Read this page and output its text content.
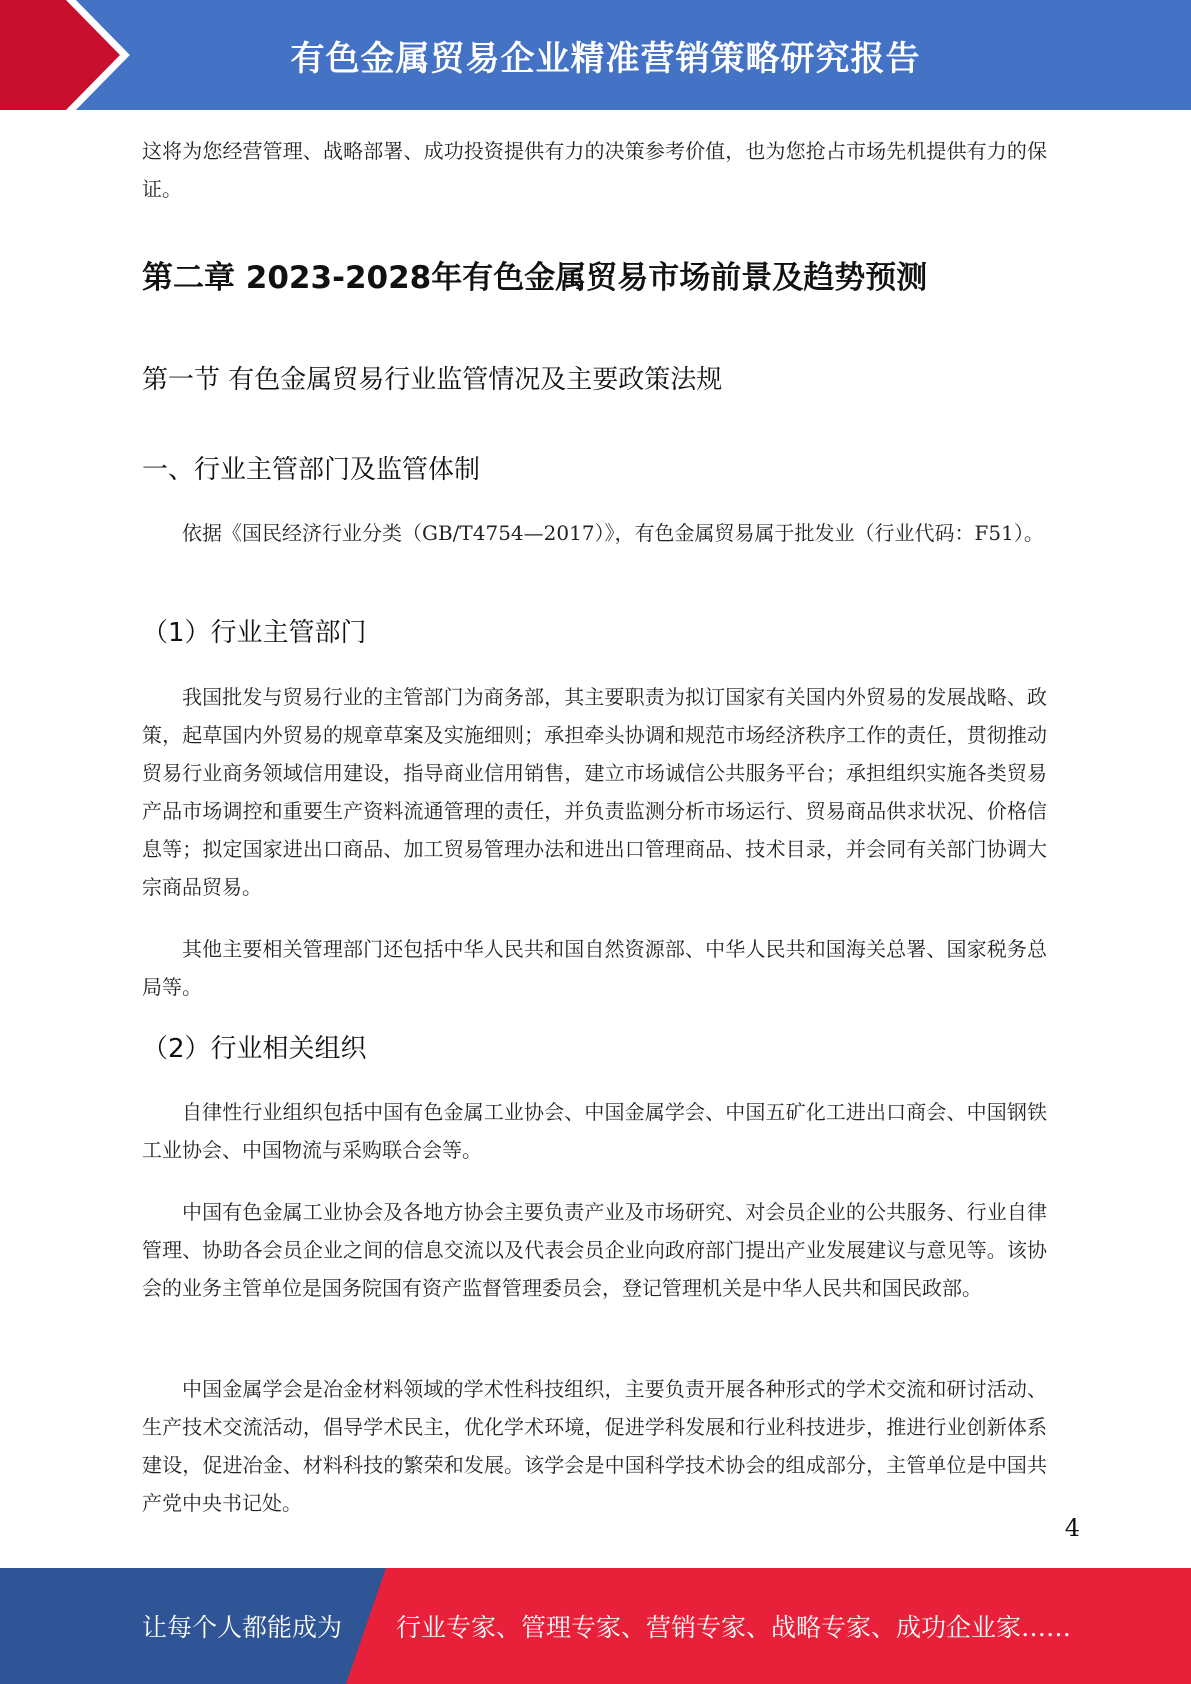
有色金属贸易企业精准营销策略研究报告

这将为您经营管理、战略部署、成功投资提供有力的决策参考价值，也为您抢占市场先机提供有力的保证。

第二章 2023-2028年有色金属贸易市场前景及趋势预测
第一节 有色金属贸易行业监管情况及主要政策法规
一、行业主管部门及监管体制

依据《国民经济行业分类（GB/T4754—2017）》，有色金属贸易属于批发业（行业代码：F51）。

（1）行业主管部门

我国批发与贸易行业的主管部门为商务部，其主要职责为拟订国家有关国内外贸易的发展战略、政策，起草国内外贸易的规章草案及实施细则；承担牵头协调和规范市场经济秩序工作的责任，贯彻推动贸易行业商务领域信用建设，指导商业信用销售，建立市场诚信公共服务平台；承担组织实施各类贸易产品市场调控和重要生产资料流通管理的责任，并负责监测分析市场运行、贸易商品供求状况、价格信息等；拟定国家进出口商品、加工贸易管理办法和进出口管理商品、技术目录，并会同有关部门协调大宗商品贸易。

其他主要相关管理部门还包括中华人民共和国自然资源部、中华人民共和国海关总署、国家税务总局等。

（2）行业相关组织

自律性行业组织包括中国有色金属工业协会、中国金属学会、中国五矿化工进出口商会、中国钢铁工业协会、中国物流与采购联合会等。

中国有色金属工业协会及各地方协会主要负责产业及市场研究、对会员企业的公共服务、行业自律管理、协助各会员企业之间的信息交流以及代表会员企业向政府部门提出产业发展建议与意见等。该协会的业务主管单位是国务院国有资产监督管理委员会，登记管理机关是中华人民共和国民政部。

中国金属学会是冶金材料领域的学术性科技组织，主要负责开展各种形式的学术交流和研讨活动、生产技术交流活动，倡导学术民主，优化学术环境，促进学科发展和行业科技进步，推进行业创新体系建设，促进冶金、材料科技的繁荣和发展。该学会是中国科学技术协会的组成部分，主管单位是中国共产党中央书记处。

4
让每个人都能成为 行业专家、管理专家、营销专家、战略专家、成功企业家……
